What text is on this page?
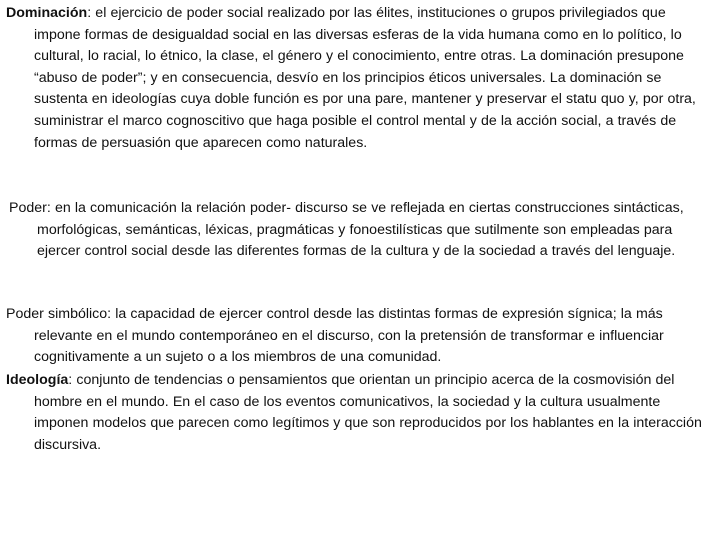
Dominación: el ejercicio de poder social realizado por las élites, instituciones o grupos privilegiados que impone formas de desigualdad social en las diversas esferas de la vida humana como en lo político, lo cultural, lo racial, lo étnico, la clase, el género y el conocimiento, entre otras. La dominación presupone “abuso de poder”; y en consecuencia, desvío en los principios éticos universales. La dominación se sustenta en ideologías cuya doble función es por una pare, mantener y preservar el statu quo y, por otra, suministrar el marco cognoscitivo que haga posible el control mental y de la acción social, a través de formas de persuasión que aparecen como naturales.

Poder: en la comunicación la relación poder- discurso se ve reflejada en ciertas construcciones sintácticas, morfológicas, semánticas, léxicas, pragmáticas y fonoestilísticas que sutilmente son empleadas para ejercer control social desde las diferentes formas de la cultura y de la sociedad a través del lenguaje.

Poder simbólico: la capacidad de ejercer control desde las distintas formas de expresión sígnica; la más relevante en el mundo contemporáneo en el discurso, con la pretensión de transformar e influenciar cognitivamente a un sujeto o a los miembros de una comunidad.

Ideología: conjunto de tendencias o pensamientos que orientan un principio acerca de la cosmovisión del hombre en el mundo. En el caso de los eventos comunicativos, la sociedad y la cultura usualmente imponen modelos que parecen como legítimos y que son reproducidos por los hablantes en la interacción discursiva.
